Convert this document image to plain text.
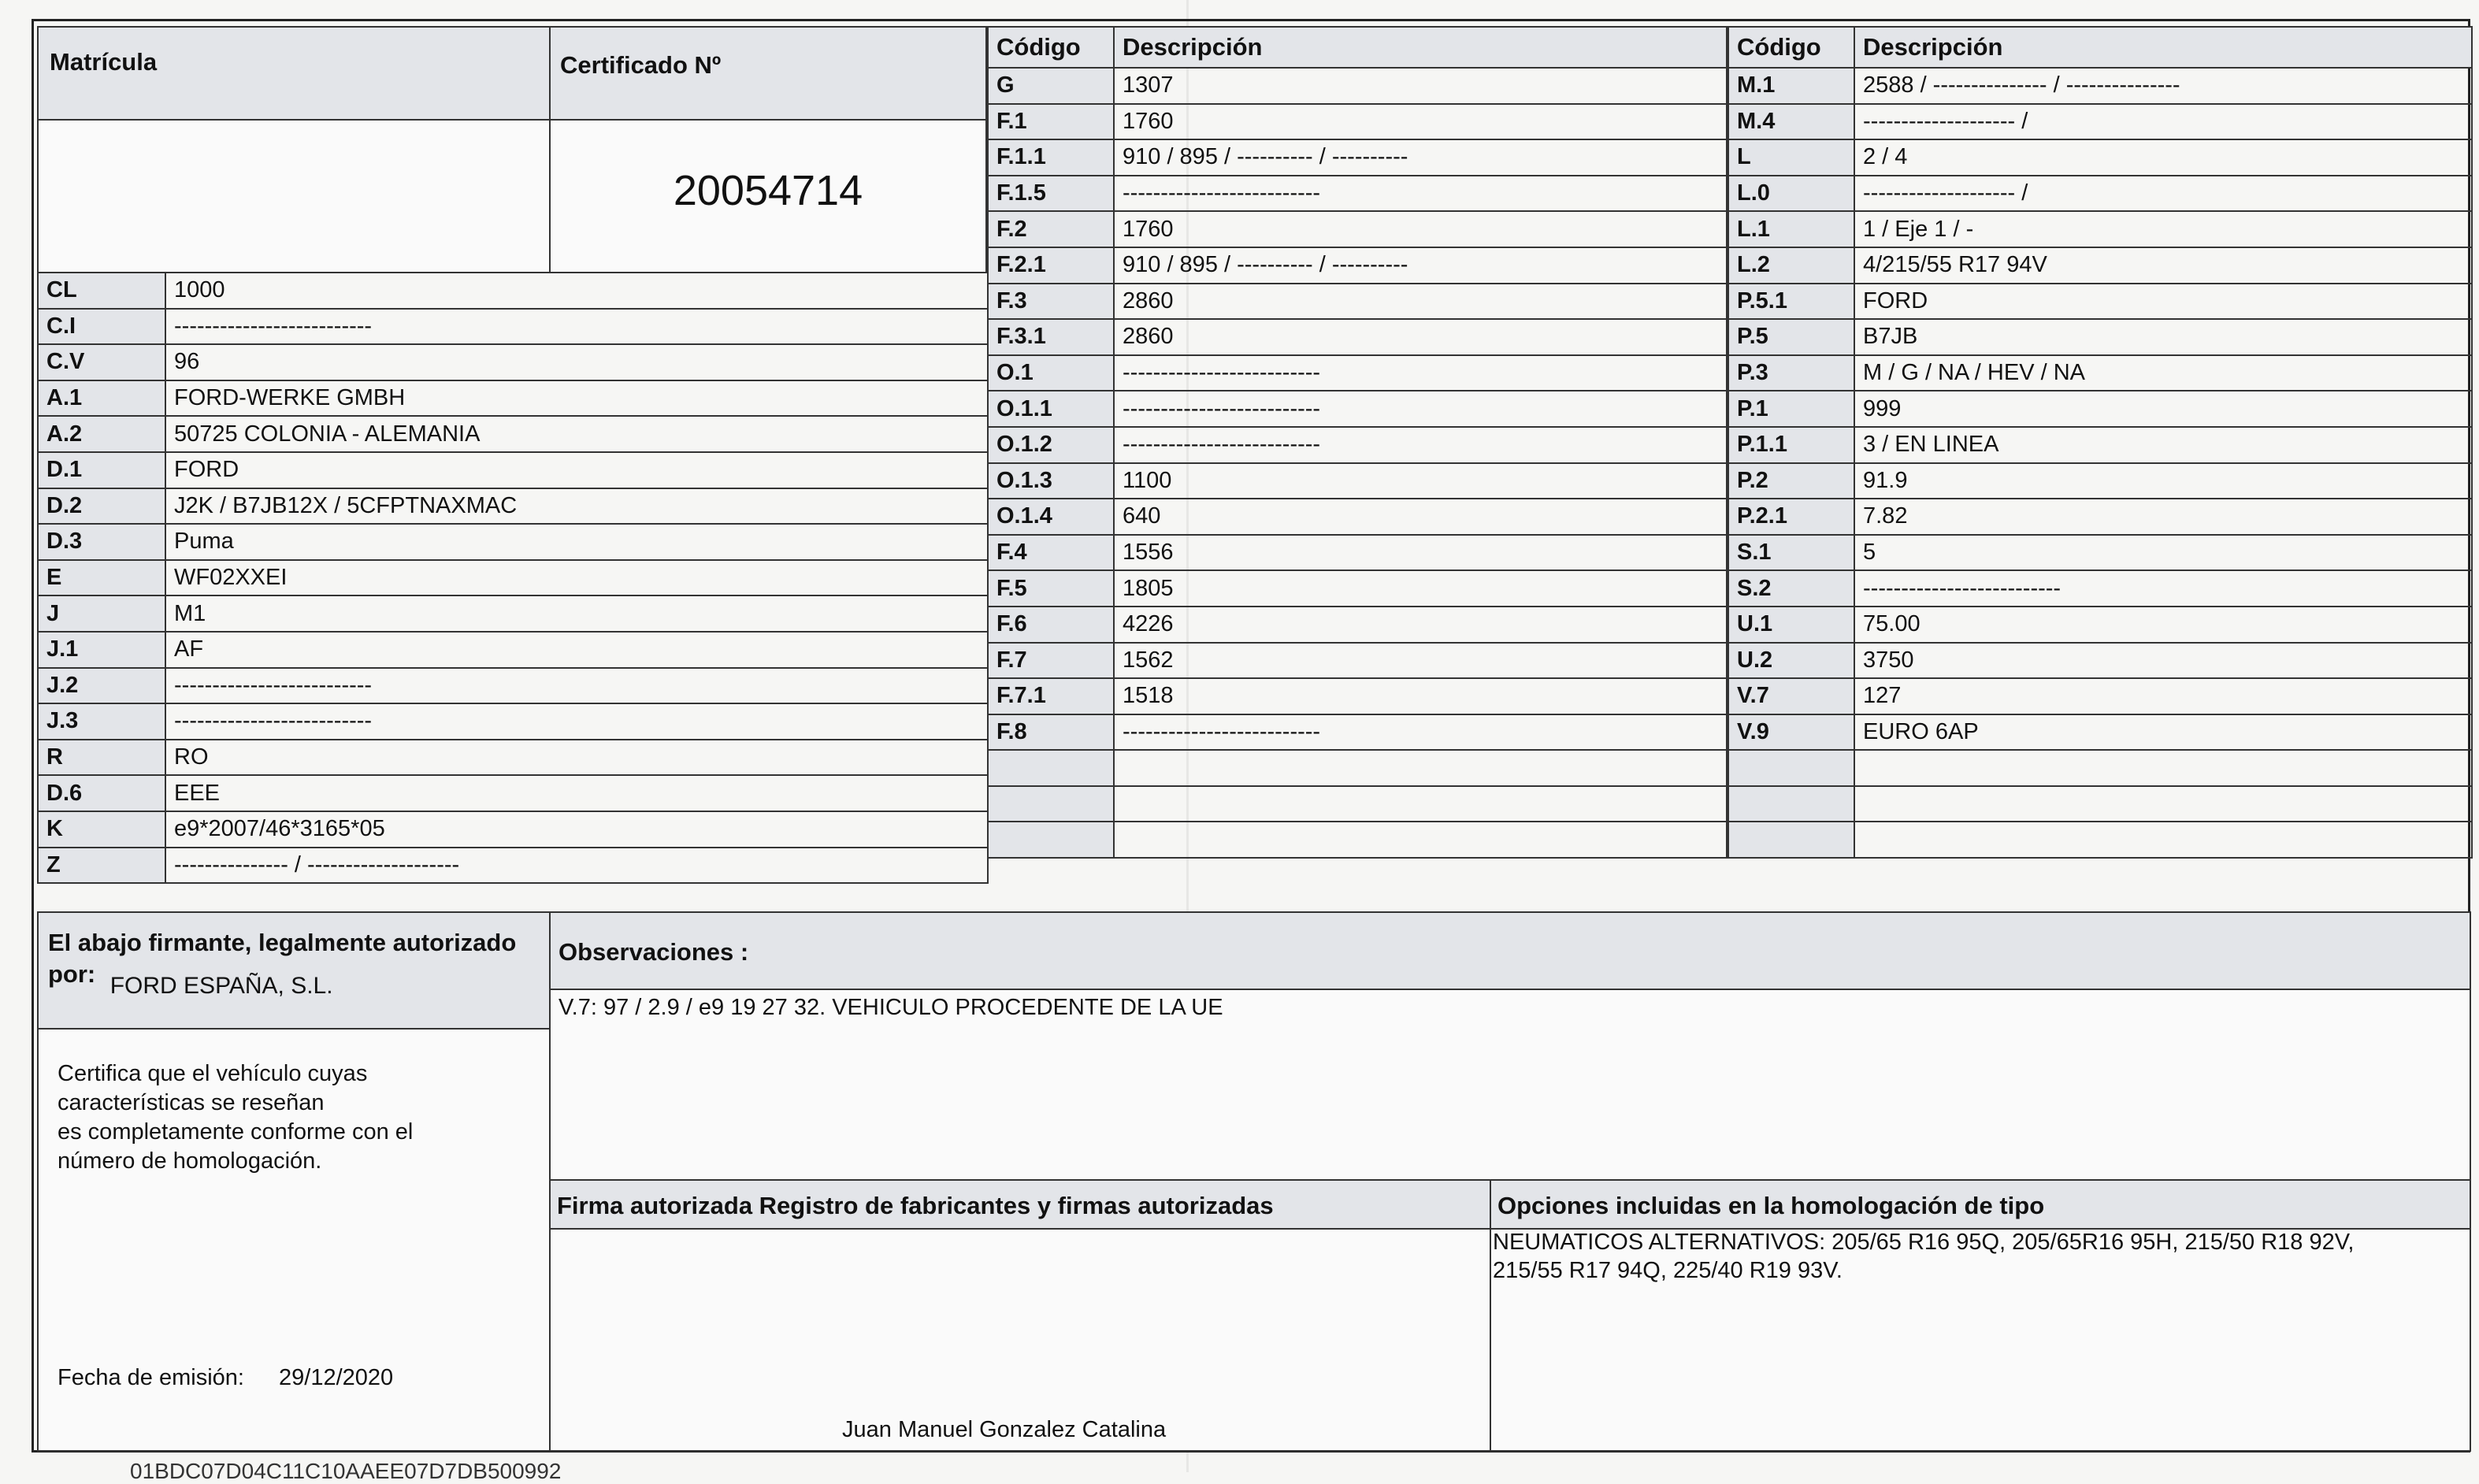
Matrícula	Certificado Nº
20054714
CL	1000
C.I	--------------------------
C.V	96
A.1	FORD-WERKE GMBH
A.2	50725 COLONIA - ALEMANIA
D.1	FORD
D.2	J2K / B7JB12X / 5CFPTNAXMAC
D.3	Puma
E	WF02XXEI
J	M1
J.1	AF
J.2	--------------------------
J.3	--------------------------
R	RO
D.6	EEE
K	e9*2007/46*3165*05
Z	--------------- / --------------------
Código	Descripción
G	1307
F.1	1760
F.1.1	910 / 895 / ---------- / ----------
F.1.5	--------------------------
F.2	1760
F.2.1	910 / 895 / ---------- / ----------
F.3	2860
F.3.1	2860
O.1	--------------------------
O.1.1	--------------------------
O.1.2	--------------------------
O.1.3	1100
O.1.4	640
F.4	1556
F.5	1805
F.6	4226
F.7	1562
F.7.1	1518
F.8	--------------------------

Código	Descripción
M.1	2588 / --------------- / ---------------
M.4	-------------------- /
L	2 / 4
L.0	-------------------- /
L.1	1 / Eje 1 / -
L.2	4/215/55 R17 94V
P.5.1	FORD
P.5	B7JB
P.3	M / G / NA / HEV / NA
P.1	999
P.1.1	3 / EN LINEA
P.2	91.9
P.2.1	7.82
S.1	5
S.2	--------------------------
U.1	75.00
U.2	3750
V.7	127
V.9	EURO 6AP

El abajo firmante, legalmente autorizado
por: FORD ESPAÑA, S.L.
Certifica que el vehículo cuyas
características se reseñan
es completamente conforme con el
número de homologación.
Fecha de emisión: 29/12/2020
Observaciones :
V.7: 97 / 2.9 / e9 19 27 32. VEHICULO PROCEDENTE DE LA UE
Firma autorizada Registro de fabricantes y firmas autorizadas
Juan Manuel Gonzalez Catalina
Opciones incluidas en la homologación de tipo
NEUMATICOS ALTERNATIVOS: 205/65 R16 95Q, 205/65R16 95H, 215/50 R18 92V,
215/55 R17 94Q, 225/40 R19 93V.
01BDC07D04C11C10AAEE07D7DB500992
